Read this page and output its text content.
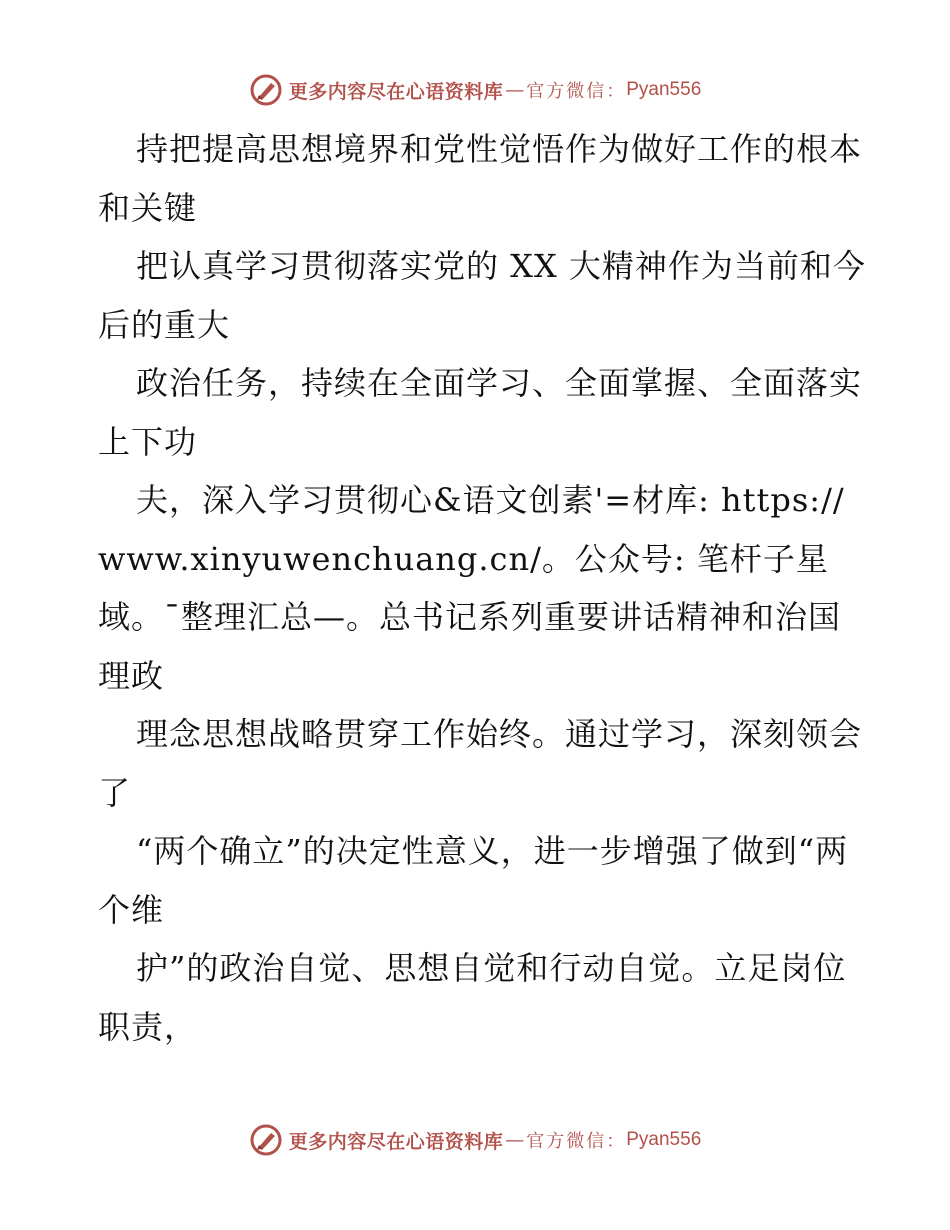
更多内容尽在心语资料库 — 官方微信： Pyan556

持把提高思想境界和党性觉悟作为做好工作的根本和关键

把认真学习贯彻落实党的 XX 大精神作为当前和今后的重大

政治任务，持续在全面学习、全面掌握、全面落实上下功

夫，深入学习贯彻心&语文创素'=材库: https://www.xinyuwenchuang.cn/。公众号: 笔杆子星域。¯整理汇总—。总书记系列重要讲话精神和治国理政

理念思想战略贯穿工作始终。通过学习，深刻领会了

“两个确立”的决定性意义，进一步增强了做到“两个维

护”的政治自觉、思想自觉和行动自觉。立足岗位职责，

更多内容尽在心语资料库 — 官方微信： Pyan556
